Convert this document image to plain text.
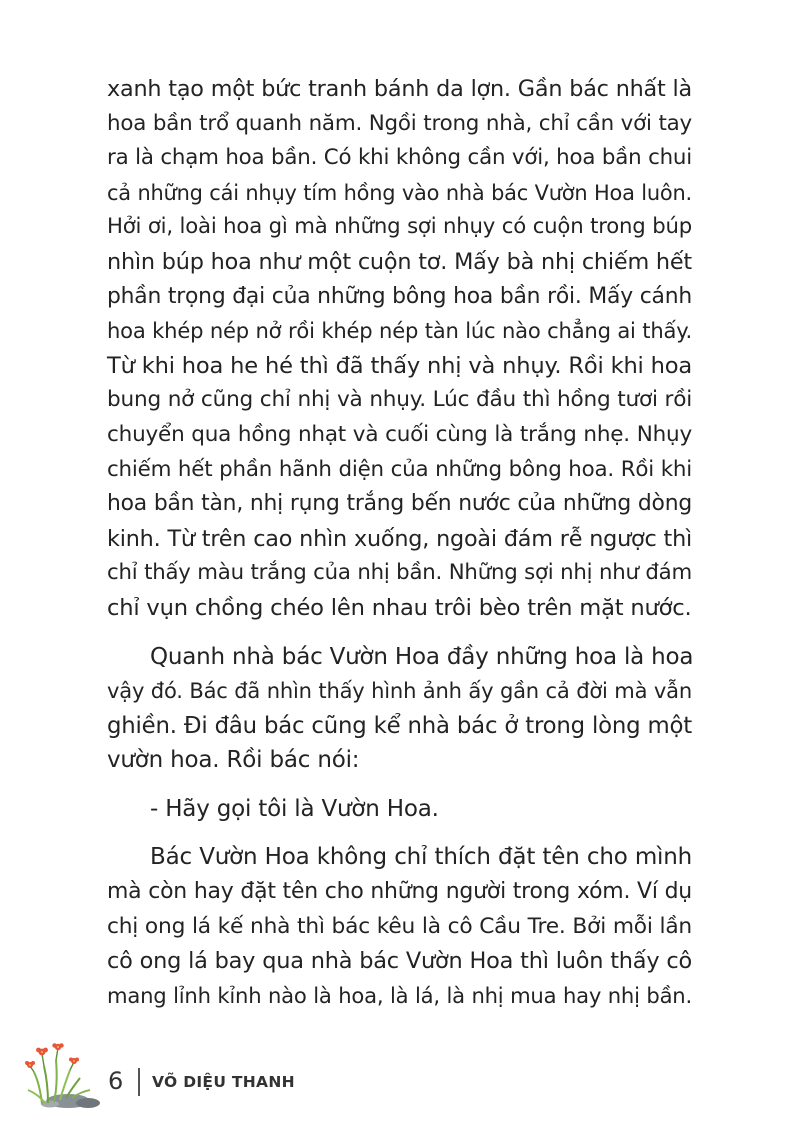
xanh tạo một bức tranh bánh da lợn. Gần bác nhất là
hoa bần trổ quanh năm. Ngồi trong nhà, chỉ cần với tay
ra là chạm hoa bần. Có khi không cần với, hoa bần chui
cả những cái nhụy tím hồng vào nhà bác Vườn Hoa luôn.
Hởi ơi, loài hoa gì mà những sợi nhụy có cuộn trong búp
nhìn búp hoa như một cuộn tơ. Mấy bà nhị chiếm hết
phần trọng đại của những bông hoa bần rồi. Mấy cánh
hoa khép nép nở rồi khép nép tàn lúc nào chẳng ai thấy.
Từ khi hoa he hé thì đã thấy nhị và nhụy. Rồi khi hoa
bung nở cũng chỉ nhị và nhụy. Lúc đầu thì hồng tươi rồi
chuyển qua hồng nhạt và cuối cùng là trắng nhẹ. Nhụy
chiếm hết phần hãnh diện của những bông hoa. Rồi khi
hoa bần tàn, nhị rụng trắng bến nước của những dòng
kinh. Từ trên cao nhìn xuống, ngoài đám rễ ngược thì
chỉ thấy màu trắng của nhị bần. Những sợi nhị như đám
chỉ vụn chồng chéo lên nhau trôi bèo trên mặt nước.
Quanh nhà bác Vườn Hoa đầy những hoa là hoa
vậy đó. Bác đã nhìn thấy hình ảnh ấy gần cả đời mà vẫn
ghiền. Đi đâu bác cũng kể nhà bác ở trong lòng một
vườn hoa. Rồi bác nói:
- Hãy gọi tôi là Vườn Hoa.
Bác Vườn Hoa không chỉ thích đặt tên cho mình
mà còn hay đặt tên cho những người trong xóm. Ví dụ
chị ong lá kế nhà thì bác kêu là cô Cầu Tre. Bởi mỗi lần
cô ong lá bay qua nhà bác Vườn Hoa thì luôn thấy cô
mang lỉnh kỉnh nào là hoa, là lá, là nhị mua hay nhị bần.
6 VÕ DIỆU THANH
